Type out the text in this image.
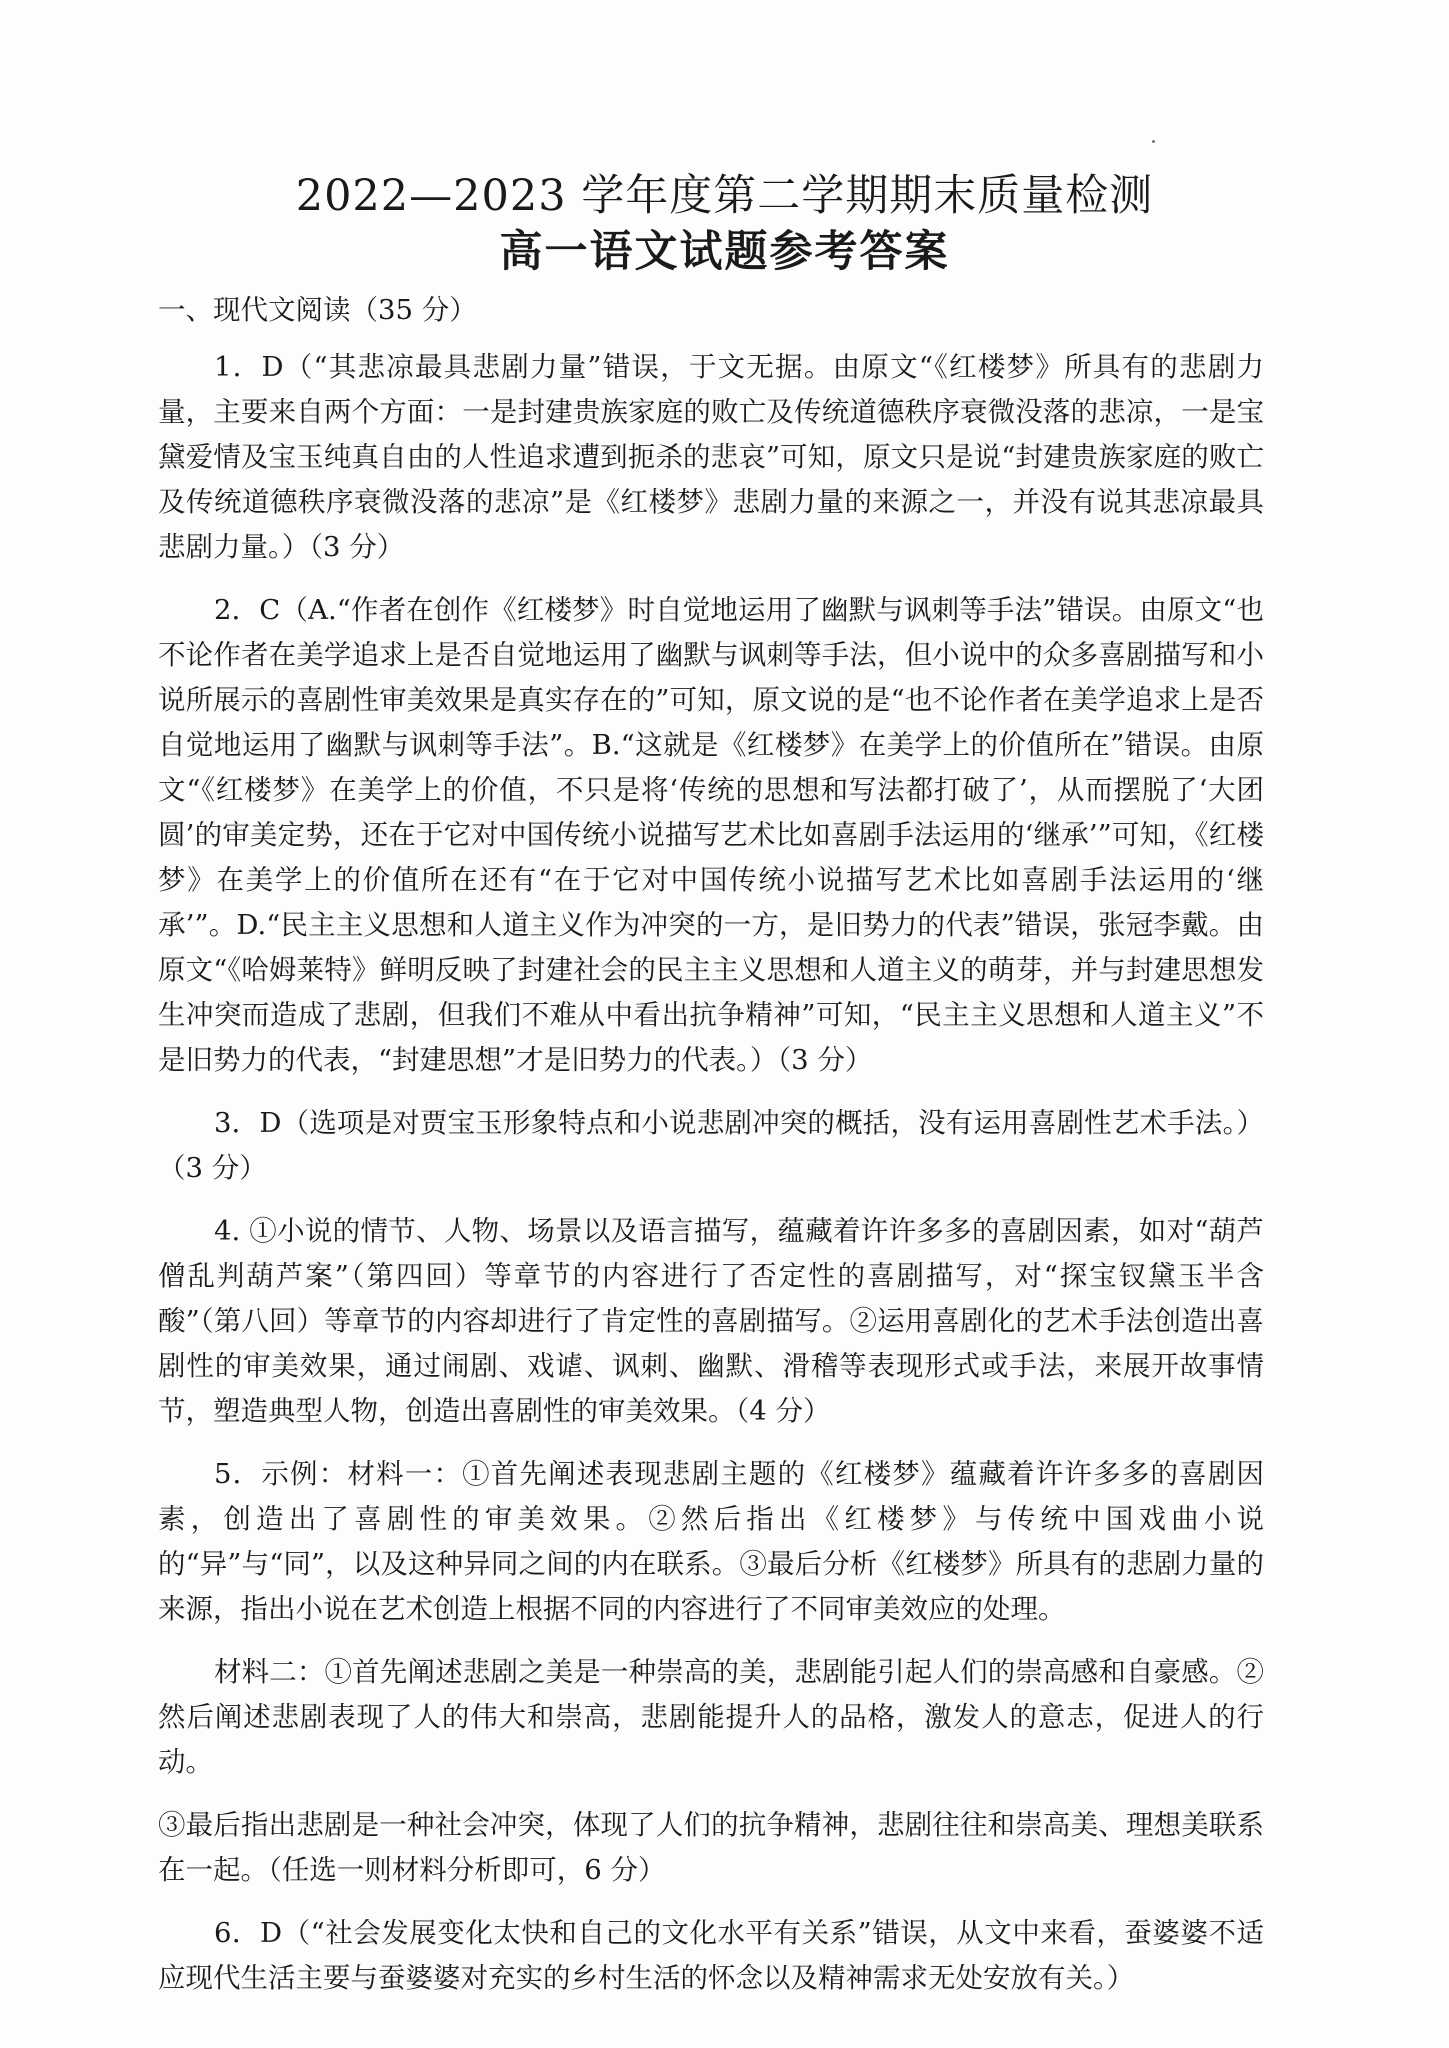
2022—2023 学年度第二学期期末质量检测
高一语文试题参考答案

一、现代文阅读（35 分）

1．D（“其悲凉最具悲剧力量”错误，于文无据。由原文“《红楼梦》所具有的悲剧力量，主要来自两个方面：一是封建贵族家庭的败亡及传统道德秩序衰微没落的悲凉，一是宝黛爱情及宝玉纯真自由的人性追求遭到扼杀的悲哀”可知，原文只是说“封建贵族家庭的败亡及传统道德秩序衰微没落的悲凉”是《红楼梦》悲剧力量的来源之一，并没有说其悲凉最具悲剧力量。）（3 分）

2．C（A.“作者在创作《红楼梦》时自觉地运用了幽默与讽刺等手法”错误。由原文“也不论作者在美学追求上是否自觉地运用了幽默与讽刺等手法，但小说中的众多喜剧描写和小说所展示的喜剧性审美效果是真实存在的”可知，原文说的是“也不论作者在美学追求上是否自觉地运用了幽默与讽刺等手法”。B.“这就是《红楼梦》在美学上的价值所在”错误。由原文“《红楼梦》在美学上的价值，不只是将‘传统的思想和写法都打破了’，从而摆脱了‘大团圆’的审美定势，还在于它对中国传统小说描写艺术比如喜剧手法运用的‘继承’”可知，《红楼梦》在美学上的价值所在还有“在于它对中国传统小说描写艺术比如喜剧手法运用的‘继承’”。D.“民主主义思想和人道主义作为冲突的一方，是旧势力的代表”错误，张冠李戴。由原文“《哈姆莱特》鲜明反映了封建社会的民主主义思想和人道主义的萌芽，并与封建思想发生冲突而造成了悲剧，但我们不难从中看出抗争精神”可知，“民主主义思想和人道主义”不是旧势力的代表，“封建思想”才是旧势力的代表。）（3 分）

3．D（选项是对贾宝玉形象特点和小说悲剧冲突的概括，没有运用喜剧性艺术手法。）（3 分）

4. ①小说的情节、人物、场景以及语言描写，蕴藏着许许多多的喜剧因素，如对“葫芦僧乱判葫芦案”（第四回）等章节的内容进行了否定性的喜剧描写，对“探宝钗黛玉半含酸”（第八回）等章节的内容却进行了肯定性的喜剧描写。②运用喜剧化的艺术手法创造出喜剧性的审美效果，通过闹剧、戏谑、讽刺、幽默、滑稽等表现形式或手法，来展开故事情节，塑造典型人物，创造出喜剧性的审美效果。（4 分）

5．示例：材料一：①首先阐述表现悲剧主题的《红楼梦》蕴藏着许许多多的喜剧因素，创造出了喜剧性的审美效果。②然后指出《红楼梦》与传统中国戏曲小说的“异”与“同”，以及这种异同之间的内在联系。③最后分析《红楼梦》所具有的悲剧力量的来源，指出小说在艺术创造上根据不同的内容进行了不同审美效应的处理。

材料二：①首先阐述悲剧之美是一种崇高的美，悲剧能引起人们的崇高感和自豪感。②然后阐述悲剧表现了人的伟大和崇高，悲剧能提升人的品格，激发人的意志，促进人的行动。

③最后指出悲剧是一种社会冲突，体现了人们的抗争精神，悲剧往往和崇高美、理想美联系在一起。（任选一则材料分析即可，6 分）

6．D（“社会发展变化太快和自己的文化水平有关系”错误，从文中来看，蚕婆婆不适应现代生活主要与蚕婆婆对充实的乡村生活的怀念以及精神需求无处安放有关。）
